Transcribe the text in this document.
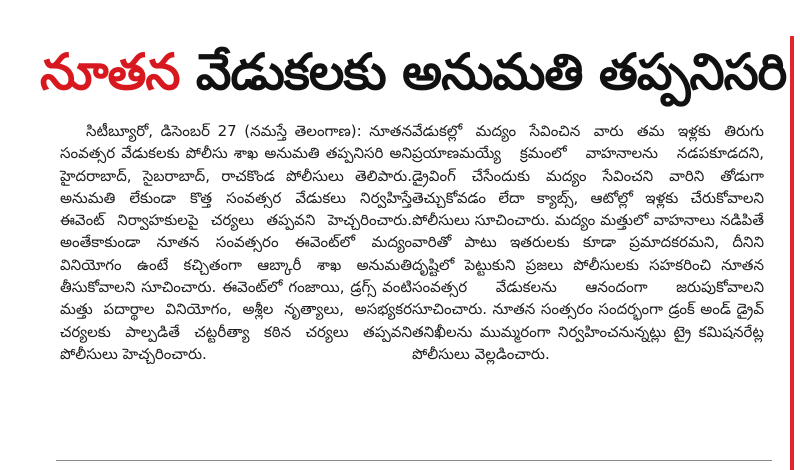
నూతన వేడుకలకు అనుమతి తప్పనిసరి

సిటీబ్యూరో, డిసెంబర్ 27 (నమస్తే తెలంగాణ): నూతన సంవత్సర వేడుకలకు పోలీసు శాఖ అనుమతి తప్పనిసరి అని హైదరాబాద్, సైబరాబాద్, రాచకొండ పోలీసులు తెలిపారు. అనుమతి లేకుండా కొత్త సంవత్సర వేడుకలు నిర్వహిస్తే ఈవెంట్ నిర్వాహకులపై చర్యలు తప్పవని హెచ్చరించారు. అంతేకాకుండా నూతన సంవత్సరం ఈవెంట్‌లో మద్యం వినియోగం ఉంటే కచ్చితంగా ఆబ్కారీ శాఖ అనుమతి తీసుకోవాలని సూచించారు. ఈవెంట్‌లో గంజాయి, డ్రగ్స్ వంటి మత్తు పదార్థాల వినియోగం, అశ్లీల నృత్యాలు, అసభ్యకర చర్యలకు పాల్పడితే చట్టరీత్యా కఠిన చర్యలు తప్పవని పోలీసులు హెచ్చరించారు.

వేడుకల్లో మద్యం సేవించిన వారు తమ ఇళ్లకు తిరుగు ప్రయాణమయ్యే క్రమంలో వాహనాలను నడపకూడదని, డ్రైవింగ్ చేసేందుకు మద్యం సేవించని వారిని తోడుగా తెచ్చుకోవడం లేదా క్యాబ్స్, ఆటోల్లో ఇళ్లకు చేరుకోవాలని పోలీసులు సూచించారు. మద్యం మత్తులో వాహనాలు నడిపితే వారితో పాటు ఇతరులకు కూడా ప్రమాదకరమని, దీనిని దృష్టిలో పెట్టుకుని ప్రజలు పోలీసులకు సహకరించి నూతన సంవత్సర వేడుకలను ఆనందంగా జరుపుకోవాలని సూచించారు. నూతన సంత్సరం సందర్భంగా డ్రంక్ అండ్ డ్రైవ్ తనిఖీలను ముమ్మరంగా నిర్వహించనున్నట్లు ట్రై కమిషనరేట్ల పోలీసులు వెల్లడించారు.
